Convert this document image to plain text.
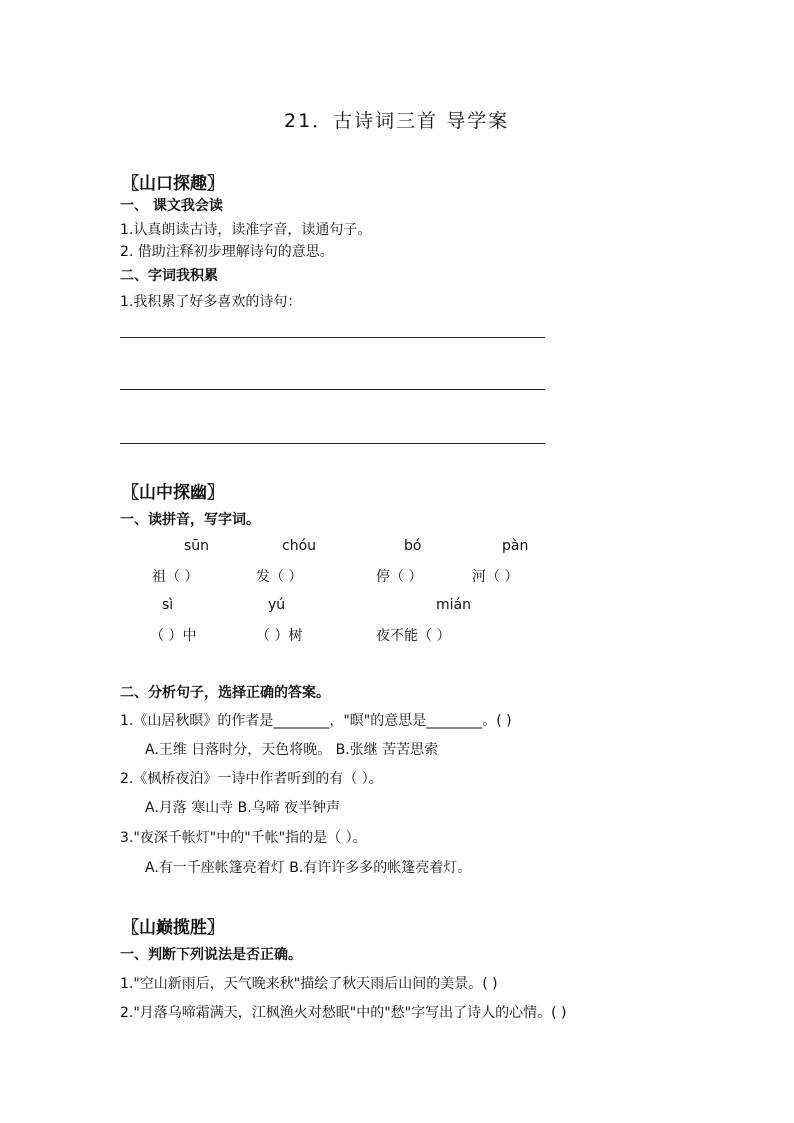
21．古诗词三首 导学案
〖山口探趣〗
一、 课文我会读
1.认真朗读古诗，读准字音，读通句子。
2. 借助注释初步理解诗句的意思。
二、字词我积累
1.我积累了好多喜欢的诗句：
〖山中探幽〗
一、读拼音，写字词。
sūn	chóu	bó	pàn
祖（ ）	发（ ）	停（ ）	河（ ）
sì	yú	mián
（ ）中	（ ）树	夜不能（ ）
二、分析句子，选择正确的答案。
1.《山居秋暝》的作者是________，"暝"的意思是________。( )
A.王维 日落时分，天色将晚。 B.张继 苦苦思索
2.《枫桥夜泊》一诗中作者听到的有（ ）。
A.月落 寒山寺 B.乌啼 夜半钟声
3."夜深千帐灯"中的"千帐"指的是（ ）。
A.有一千座帐篷亮着灯 B.有许许多多的帐篷亮着灯。
〖山巅揽胜〗
一、判断下列说法是否正确。
1."空山新雨后，天气晚来秋"描绘了秋天雨后山间的美景。( )
2."月落乌啼霜满天，江枫渔火对愁眠"中的"愁"字写出了诗人的心情。( )
